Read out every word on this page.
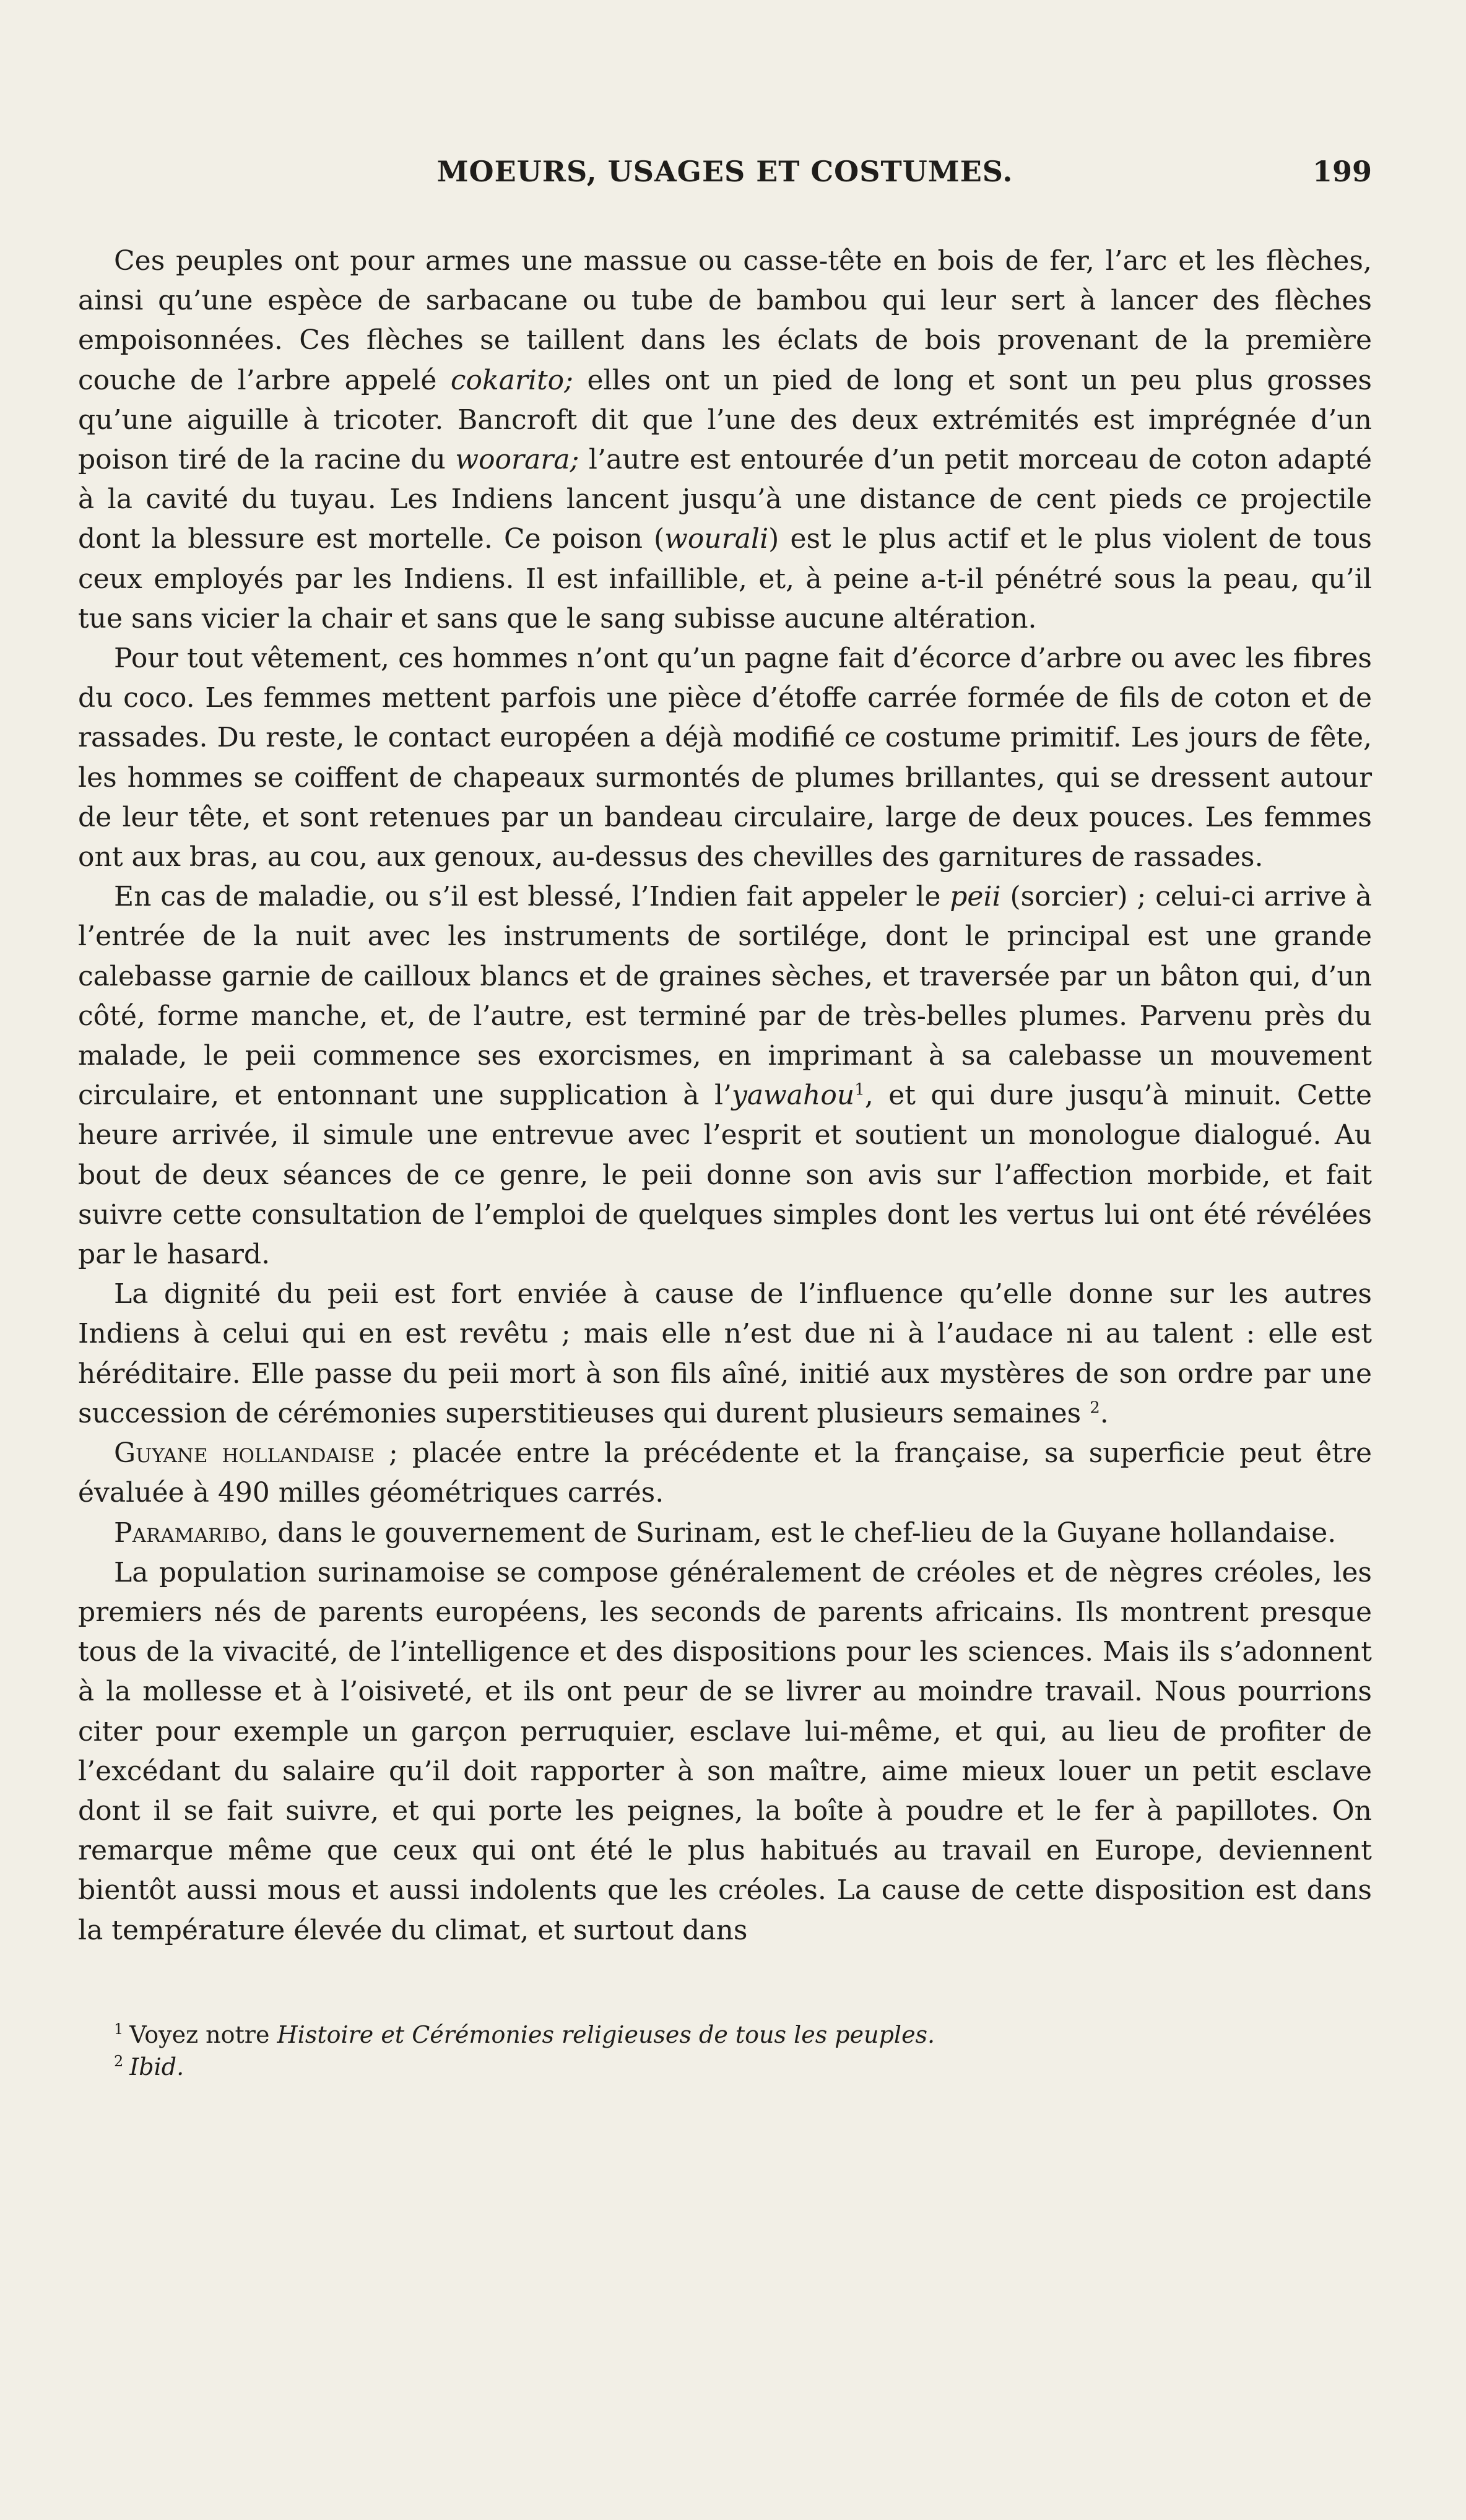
MOEURS, USAGES ET COSTUMES.	199

Ces peuples ont pour armes une massue ou casse-tête en bois de fer, l’arc et les flèches, ainsi qu’une espèce de sarbacane ou tube de bambou qui leur sert à lancer des flèches empoisonnées. Ces flèches se taillent dans les éclats de bois provenant de la première couche de l’arbre appelé cokarito; elles ont un pied de long et sont un peu plus grosses qu’une aiguille à tricoter. Bancroft dit que l’une des deux extrémités est imprégnée d’un poison tiré de la racine du woorara; l’autre est entourée d’un petit morceau de coton adapté à la cavité du tuyau. Les Indiens lancent jusqu’à une distance de cent pieds ce projectile dont la blessure est mortelle. Ce poison (wourali) est le plus actif et le plus violent de tous ceux employés par les Indiens. Il est infaillible, et, à peine a-t-il pénétré sous la peau, qu’il tue sans vicier la chair et sans que le sang subisse aucune altération.

Pour tout vêtement, ces hommes n’ont qu’un pagne fait d’écorce d’arbre ou avec les fibres du coco. Les femmes mettent parfois une pièce d’étoffe carrée formée de fils de coton et de rassades. Du reste, le contact européen a déjà modifié ce costume primitif. Les jours de fête, les hommes se coiffent de chapeaux surmontés de plumes brillantes, qui se dressent autour de leur tête, et sont retenues par un bandeau circulaire, large de deux pouces. Les femmes ont aux bras, au cou, aux genoux, au-dessus des chevilles des garnitures de rassades.

En cas de maladie, ou s’il est blessé, l’Indien fait appeler le peii (sorcier) ; celui-ci arrive à l’entrée de la nuit avec les instruments de sortilége, dont le principal est une grande calebasse garnie de cailloux blancs et de graines sèches, et traversée par un bâton qui, d’un côté, forme manche, et, de l’autre, est terminé par de très-belles plumes. Parvenu près du malade, le peii commence ses exorcismes, en imprimant à sa calebasse un mouvement circulaire, et entonnant une supplication à l’yawahou$^1$, et qui dure jusqu’à minuit. Cette heure arrivée, il simule une entrevue avec l’esprit et soutient un monologue dialogué. Au bout de deux séances de ce genre, le peii donne son avis sur l’affection morbide, et fait suivre cette consultation de l’emploi de quelques simples dont les vertus lui ont été révélées par le hasard.

La dignité du peii est fort enviée à cause de l’influence qu’elle donne sur les autres Indiens à celui qui en est revêtu ; mais elle n’est due ni à l’audace ni au talent : elle est héréditaire. Elle passe du peii mort à son fils aîné, initié aux mystères de son ordre par une succession de cérémonies superstitieuses qui durent plusieurs semaines $^2$.

Guyane hollandaise ; placée entre la précédente et la française, sa superficie peut être évaluée à 490 milles géométriques carrés.

Paramaribo, dans le gouvernement de Surinam, est le chef-lieu de la Guyane hollandaise.

La population surinamoise se compose généralement de créoles et de nègres créoles, les premiers nés de parents européens, les seconds de parents africains. Ils montrent presque tous de la vivacité, de l’intelligence et des dispositions pour les sciences. Mais ils s’adonnent à la mollesse et à l’oisiveté, et ils ont peur de se livrer au moindre travail. Nous pourrions citer pour exemple un garçon perruquier, esclave lui-même, et qui, au lieu de profiter de l’excédant du salaire qu’il doit rapporter à son maître, aime mieux louer un petit esclave dont il se fait suivre, et qui porte les peignes, la boîte à poudre et le fer à papillotes. On remarque même que ceux qui ont été le plus habitués au travail en Europe, deviennent bientôt aussi mous et aussi indolents que les créoles. La cause de cette disposition est dans la température élevée du climat, et surtout dans

$^1$ Voyez notre Histoire et Cérémonies religieuses de tous les peuples.
$^2$ Ibid.
